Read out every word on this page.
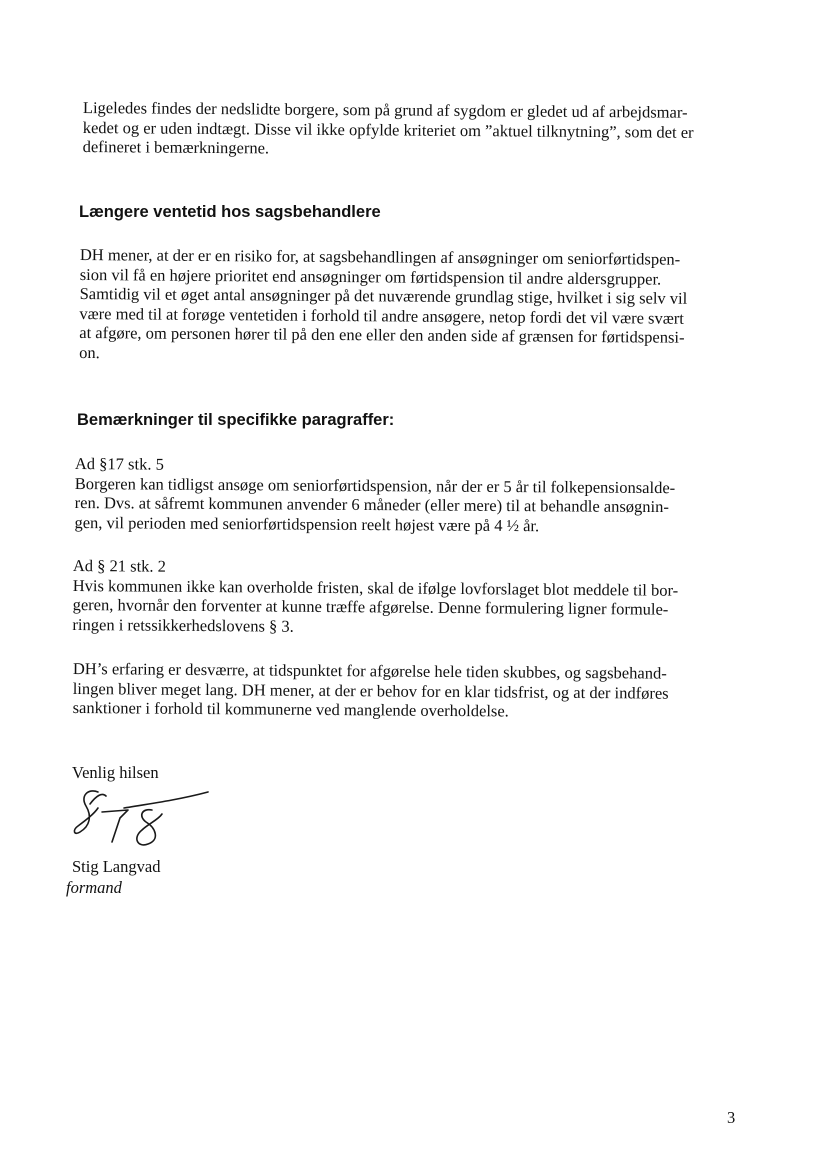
Ligeledes findes der nedslidte borgere, som på grund af sygdom er gledet ud af arbejdsmar-
kedet og er uden indtægt. Disse vil ikke opfylde kriteriet om ”aktuel tilknytning”, som det er
defineret i bemærkningerne.
Længere ventetid hos sagsbehandlere
DH mener, at der er en risiko for, at sagsbehandlingen af ansøgninger om seniorførtidspen-
sion vil få en højere prioritet end ansøgninger om førtidspension til andre aldersgrupper.
Samtidig vil et øget antal ansøgninger på det nuværende grundlag stige, hvilket i sig selv vil
være med til at forøge ventetiden i forhold til andre ansøgere, netop fordi det vil være svært
at afgøre, om personen hører til på den ene eller den anden side af grænsen for førtidspensi-
on.
Bemærkninger til specifikke paragraffer:
Ad §17 stk. 5
Borgeren kan tidligst ansøge om seniorførtidspension, når der er 5 år til folkepensionsalde-
ren. Dvs. at såfremt kommunen anvender 6 måneder (eller mere) til at behandle ansøgnin-
gen, vil perioden med seniorførtidspension reelt højest være på 4 ½ år.
Ad § 21 stk. 2
Hvis kommunen ikke kan overholde fristen, skal de ifølge lovforslaget blot meddele til bor-
geren, hvornår den forventer at kunne træffe afgørelse. Denne formulering ligner formule-
ringen i retssikkerhedslovens § 3.
DH’s erfaring er desværre, at tidspunktet for afgørelse hele tiden skubbes, og sagsbehand-
lingen bliver meget lang. DH mener, at der er behov for en klar tidsfrist, og at der indføres
sanktioner i forhold til kommunerne ved manglende overholdelse.
Venlig hilsen
Stig Langvad
formand
3
